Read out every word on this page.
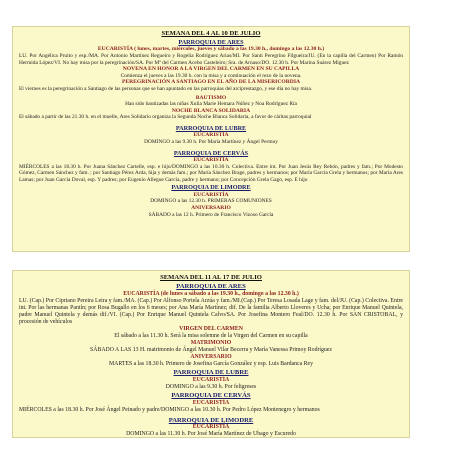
SEMANA DEL 4 AL 10 DE JULIO
PARROQUIA DE ARES
EUCARISTÍA ( lunes, martes, miércoles, jueves y sábado a las 19.30 h., domingo a las 12.30 h.)

LU. Por Angélica Pruito y esp./MA. Por Antonio Martínez Regueiro y Rogelia Rodríguez Arias/MI. Por Santi Peregrino Filgueira/JU. (En la capilla del Carmen) Por Ramón Hermida López/VI. No hay misa por la peregrinación/SA. Por Mª del Carmen Acebo Casteleiro; Sra. de Arnaso/DO. 12.30 h. Por Marina Suárez Miguez

NOVENA EN HONOR A LA VIRGEN DEL CARMEN EN SU CAPILLA

Comienza el jueves a las 19.30 h. con la misa y a continuación el rezo de la novena.

PEREGRINACIÓN A SANTIAGO EN EL AÑO DE LA MISERICORDIA

El viernes es la peregrinación a Santiago de las personas que se han apuntado en las parroquias del arciprestazgo, y ese día no hay misa.

BAUTISMO

Han sido bautizadas las niñas Xulia Marie Hemara Núñez y Noa Rodríguez Ría

NOCHE BLANCA SOLIDARIA

El sábado a partir de las 21.30 h. en el muelle, Ares Solidario organiza la Segunda Noche Blanca Solidaria, a favor de cáritas parroquial

PARROQUIA DE LUBRE
EUCARISTÍA

DOMINGO a las 9.30 h. Por María Martínez y Ángel Permuy

PARROQUIA DE CERVÁS
EUCARISTÍA

MIÉRCOLES a las 18.30 h. Por Juana Sánchez Cartelle, esp. e hijo/DOMINGO a las 10.30 h. Colectiva. Entre int. Por Juan Jesús Rey Rebón, padres y fam.; Por Modesto Gómez, Carmen Sánchez y fam. ; por Santiago Pérez Arda, hija y demás fam.; por María Sánchez Brage, padres y hermanos; por María García Grela y hermanos; por María Ares Lamas; por Juan García Doval, esp. Y padres; por Eugenio Allegue García, padre y hermano; por Concepción Grela Gago, esp. E hijo

PARROQUIA DE LIMODRE
EUCARISTÍA

DOMINGO a las 12.30 h. PRIMERAS COMUNIONES

ANIVERSARIO

SÁBADO a las 12 h. Primero de Francisco Vizoso García

SEMANA DEL 11 AL 17 DE JULIO
PARROQUIA DE ARES
EUCARISTÍA (de lunes a sábado a las 19.30 h., domingo a las 12.30 h.)

LU. (Cap.) Por Cipriano Pereira Leira y fam./MA. (Cap.) Por Alfonso Portela Arzúa y fam./MI.(Cap.) Por Teresa Losada Lage y fam. del/JU. (Cap.) Colectiva. Entre int. Por las hermanas Pantín; por Rosa Bugallo en los 6 meses; por Ana María Martínez; dif. De la familia Alberto Lloveres y Ucha; por Enrique Manuel Quintela, padre Manuel Quintela y demás dif./VI. (Cap.) Por Enrique Manuel Quintela Calvo/SA. Por Josefina Montero Feal/DO. 12.30 h. Por SAN CRISTOBAL, y procesión de vehículos

VIRGEN DEL CARMEN

El sábado a las 11.30 h. Será la misa solemne de la Virgen del Carmen en su capilla

MATRIMONIO

SÁBADO A LAS 13 H. matrimonio de Ángel Manuel Vilar Becerra y María Vanessa Primoy Rodríguez

ANIVERSARIO

MARTES a las 18.30 h. Primero de Josefina García González y esp. Luis Bardanca Rey

PARROQUIA DE LUBRE
EUCARISTÍA

DOMINGO a las 9.30 h. Por feligreses

PARROQUIA DE CERVÁS
EUCARISTÍA

MIÉRCOLES a las 18.30 h. Por José Ángel Peinado y padre/DOMINGO a las 10.30 h. Por Pedro López Montenegro y hermanos

PARROQUIA DE LIMODRE
EUCARISTÍA

DOMINGO a las 11.30 h. Por José María Martínez de Ubago y Escuredo
